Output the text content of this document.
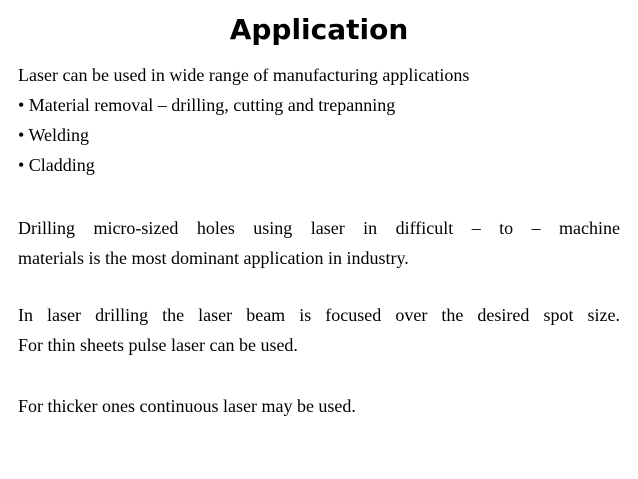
Application
Laser can be used in wide range of manufacturing applications
• Material removal – drilling, cutting and trepanning
• Welding
• Cladding
Drilling micro-sized holes using laser in difficult – to – machine
materials is the most dominant application in industry.
In laser drilling the laser beam is focused over the desired spot size.
For thin sheets pulse laser can be used.
For thicker ones continuous laser may be used.
